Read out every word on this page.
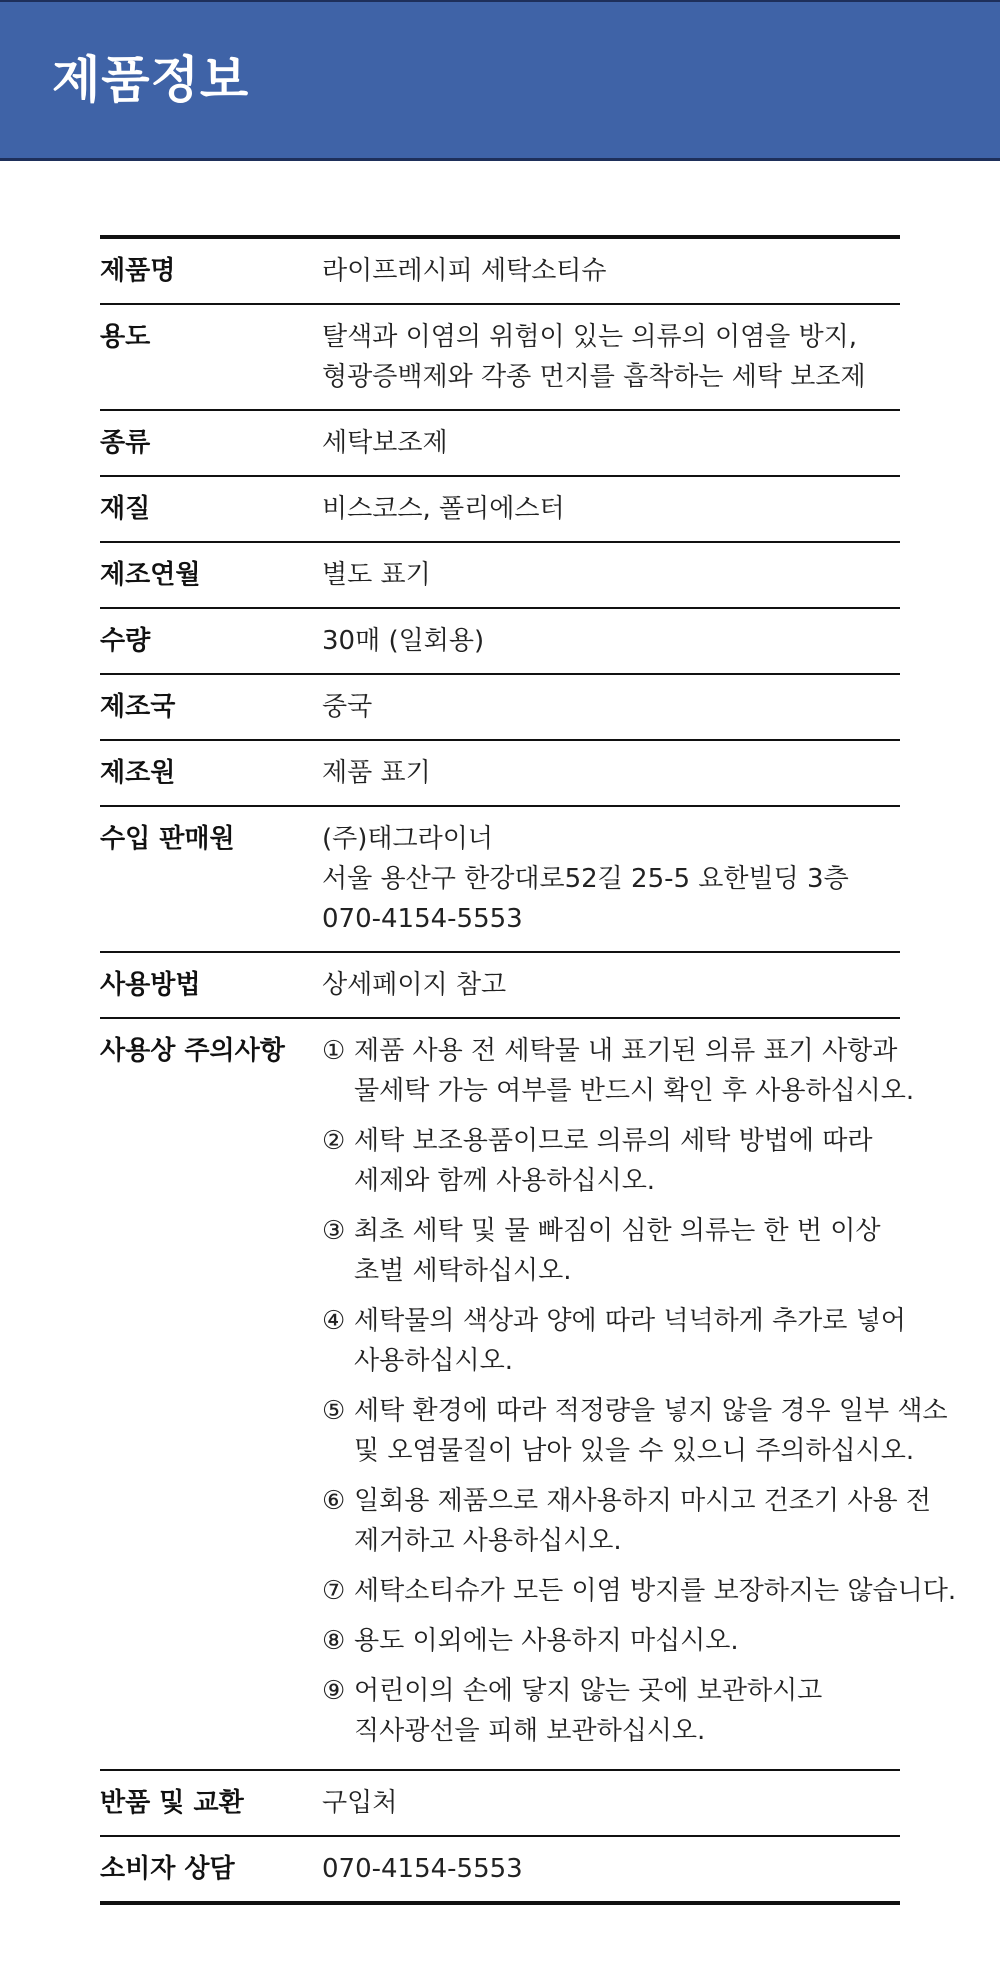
제품정보
제품명	라이프레시피 세탁소티슈
용도	탈색과 이염의 위험이 있는 의류의 이염을 방지,
형광증백제와 각종 먼지를 흡착하는 세탁 보조제
종류	세탁보조제
재질	비스코스, 폴리에스터
제조연월	별도 표기
수량	30매 (일회용)
제조국	중국
제조원	제품 표기
수입 판매원	(주)태그라이너
서울 용산구 한강대로52길 25-5 요한빌딩 3층
070-4154-5553
사용방법	상세페이지 참고
사용상 주의사항	① 제품 사용 전 세탁물 내 표기된 의류 표기 사항과
물세탁 가능 여부를 반드시 확인 후 사용하십시오.
② 세탁 보조용품이므로 의류의 세탁 방법에 따라
세제와 함께 사용하십시오.
③ 최초 세탁 및 물 빠짐이 심한 의류는 한 번 이상
초벌 세탁하십시오.
④ 세탁물의 색상과 양에 따라 넉넉하게 추가로 넣어
사용하십시오.
⑤ 세탁 환경에 따라 적정량을 넣지 않을 경우 일부 색소
및 오염물질이 남아 있을 수 있으니 주의하십시오.
⑥ 일회용 제품으로 재사용하지 마시고 건조기 사용 전
제거하고 사용하십시오.
⑦ 세탁소티슈가 모든 이염 방지를 보장하지는 않습니다.
⑧ 용도 이외에는 사용하지 마십시오.
⑨ 어린이의 손에 닿지 않는 곳에 보관하시고
직사광선을 피해 보관하십시오.
반품 및 교환	구입처
소비자 상담	070-4154-5553
